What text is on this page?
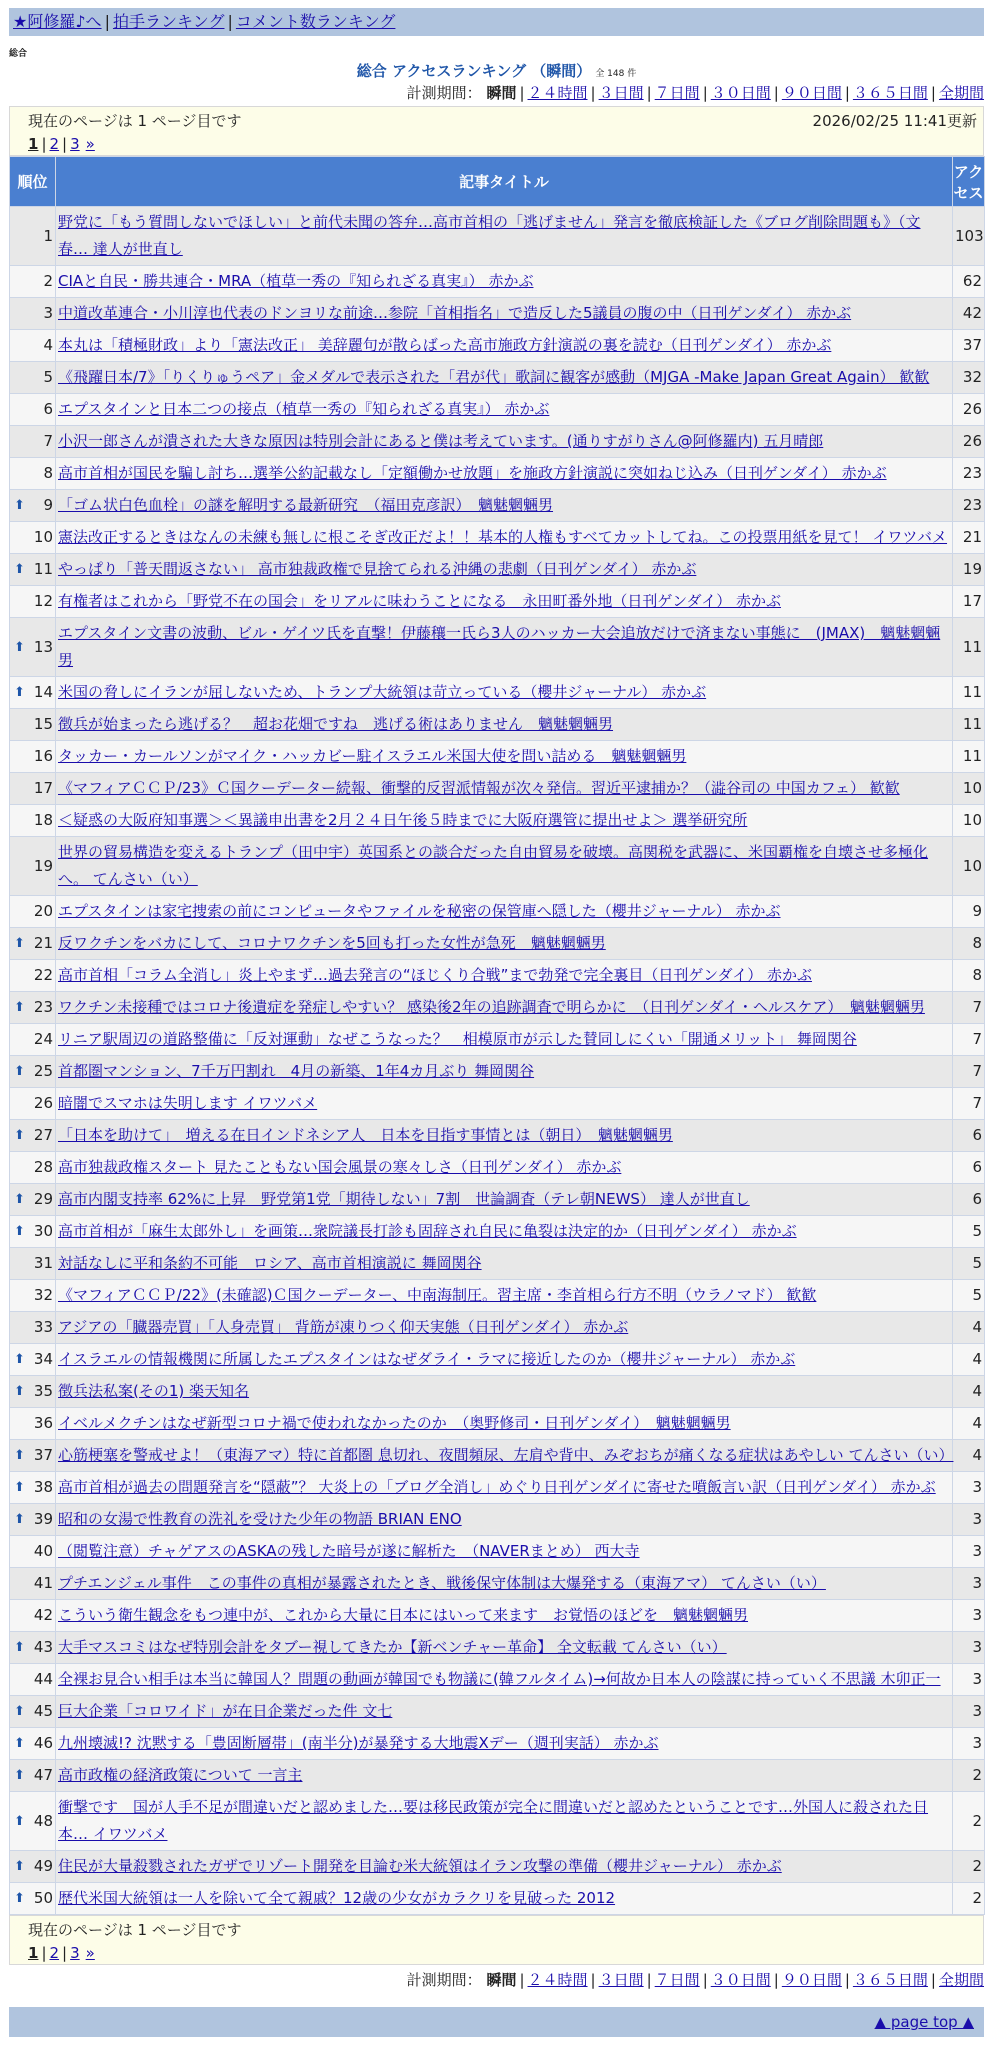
★阿修羅♪へ | 拍手ランキング | コメント数ランキング
総合
総合 アクセスランキング （瞬間） 全 148 件
計測期間： 瞬間 | ２４時間 | ３日間 | ７日間 | ３０日間 | ９０日間 | ３６５日間 | 全期間
現在のページは 1 ページ目です	2026/02/25 11:41更新
1 | 2 | 3 »
順位	記事タイトル	アクセス
1	野党に「もう質問しないでほしい」と前代未聞の答弁…高市首相の「逃げません」発言を徹底検証した《ブログ削除問題も》（文春… 達人が世直し	103
2	CIAと自民・勝共連合・MRA（植草一秀の『知られざる真実』） 赤かぶ	62
3	中道改革連合・小川淳也代表のドンヨリな前途…参院「首相指名」で造反した5議員の腹の中（日刊ゲンダイ） 赤かぶ	42
4	本丸は「積極財政」より「憲法改正」 美辞麗句が散らばった高市施政方針演説の裏を読む（日刊ゲンダイ） 赤かぶ	37
5	《飛躍日本/7》「りくりゅうペア」金メダルで表示された「君が代」歌詞に観客が感動（MJGA -Make Japan Great Again） 歓歓	32
6	エプスタインと日本二つの接点（植草一秀の『知られざる真実』） 赤かぶ	26
7	小沢一郎さんが潰された大きな原因は特別会計にあると僕は考えています。(通りすがりさん@阿修羅内) 五月晴郎	26
8	高市首相が国民を騙し討ち…選挙公約記載なし「定額働かせ放題」を施政方針演説に突如ねじ込み（日刊ゲンダイ） 赤かぶ	23

⬆ 9	「ゴム状白色血栓」の謎を解明する最新研究　（福田克彦訳）　魑魅魍魎男	23
10	憲法改正するときはなんの未練も無しに根こそぎ改正だよ！！基本的人権もすべてカットしてね。この投票用紙を見て！ イワツバメ	21

⬆ 11	やっぱり「普天間返さない」 高市独裁政権で見捨てられる沖縄の悲劇（日刊ゲンダイ） 赤かぶ	19
12	有権者はこれから「野党不在の国会」をリアルに味わうことになる　永田町番外地（日刊ゲンダイ） 赤かぶ	17

⬆ 13	エプスタイン文書の波動、ビル・ゲイツ氏を直撃！伊藤穰一氏ら3人のハッカー大会追放だけで済まない事態に　(JMAX)　魑魅魍魎男	11

⬆ 14	米国の脅しにイランが屈しないため、トランプ大統領は苛立っている（櫻井ジャーナル） 赤かぶ	11
15	徴兵が始まったら逃げる？　超お花畑ですね　逃げる術はありません　魑魅魍魎男	11
16	タッカー・カールソンがマイク・ハッカビー駐イスラエル米国大使を問い詰める　魑魅魍魎男	11
17	《マフィアＣＣＰ/23》Ｃ国クーデーター続報、衝撃的反習派情報が次々発信。習近平逮捕か？（澁谷司の 中国カフェ） 歓歓	10
18	＜疑惑の大阪府知事選＞＜異議申出書を2月２４日午後５時までに大阪府選管に提出せよ＞ 選挙研究所	10
19	世界の貿易構造を変えるトランプ（田中宇）英国系との談合だった自由貿易を破壊。高関税を武器に、米国覇権を自壊させ多極化へ。 てんさい（い）	10
20	エプスタインは家宅捜索の前にコンピュータやファイルを秘密の保管庫へ隠した（櫻井ジャーナル） 赤かぶ	9

⬆ 21	反ワクチンをバカにして、コロナワクチンを5回も打った女性が急死　魑魅魍魎男	8
22	高市首相「コラム全消し」炎上やまず…過去発言の“ほじくり合戦”まで勃発で完全裏目（日刊ゲンダイ） 赤かぶ	8

⬆ 23	ワクチン未接種ではコロナ後遺症を発症しやすい？ 感染後2年の追跡調査で明らかに　（日刊ゲンダイ・ヘルスケア）　魑魅魍魎男	7
24	リニア駅周辺の道路整備に「反対運動」なぜこうなった？　相模原市が示した賛同しにくい「開通メリット」 舞岡関谷	7

⬆ 25	首都圏マンション、7千万円割れ　4月の新築、1年4カ月ぶり 舞岡関谷	7
26	暗闇でスマホは失明します イワツバメ	7

⬆ 27	「日本を助けて」　増える在日インドネシア人　日本を目指す事情とは（朝日）　魑魅魍魎男	6
28	高市独裁政権スタート 見たこともない国会風景の寒々しさ（日刊ゲンダイ） 赤かぶ	6

⬆ 29	高市内閣支持率 62%に上昇　野党第1党「期待しない」7割　世論調査（テレ朝NEWS） 達人が世直し	6

⬆ 30	高市首相が「麻生太郎外し」を画策…衆院議長打診も固辞され自民に亀裂は決定的か（日刊ゲンダイ） 赤かぶ	5
31	対話なしに平和条約不可能　ロシア、高市首相演説に 舞岡関谷	5
32	《マフィアＣＣＰ/22》(未確認)Ｃ国クーデーター、中南海制圧。習主席・李首相ら行方不明（ウラノマド） 歓歓	5
33	アジアの「臓器売買」「人身売買」 背筋が凍りつく仰天実態（日刊ゲンダイ） 赤かぶ	4

⬆ 34	イスラエルの情報機関に所属したエプスタインはなぜダライ・ラマに接近したのか（櫻井ジャーナル） 赤かぶ	4

⬆ 35	徴兵法私案(その1) 楽天知名	4
36	イベルメクチンはなぜ新型コロナ禍で使われなかったのか　（奥野修司・日刊ゲンダイ）　魑魅魍魎男	4

⬆ 37	心筋梗塞を警戒せよ！（東海アマ）特に首都圏 息切れ、夜間頻尿、左肩や背中、みぞおちが痛くなる症状はあやしい てんさい（い）	4

⬆ 38	高市首相が過去の問題発言を“隠蔽”？ 大炎上の「ブログ全消し」めぐり日刊ゲンダイに寄せた噴飯言い訳（日刊ゲンダイ） 赤かぶ	3

⬆ 39	昭和の女湯で性教育の洗礼を受けた少年の物語 BRIAN ENO	3
40	（閲覧注意）チャゲアスのASKAの残した暗号が遂に解析た　（NAVERまとめ） 西大寺	3
41	プチエンジェル事件　この事件の真相が暴露されたとき、戦後保守体制は大爆発する（東海アマ） てんさい（い）	3
42	こういう衛生観念をもつ連中が、これから大量に日本にはいって来ます　お覚悟のほどを　魑魅魍魎男	3

⬆ 43	大手マスコミはなぜ特別会計をタブー視してきたか【新ベンチャー革命】 全文転載 てんさい（い）	3
44	全裸お見合い相手は本当に韓国人？問題の動画が韓国でも物議に(韓フルタイム)→何故か日本人の陰謀に持っていく不思議 木卯正一	3

⬆ 45	巨大企業「コロワイド」が在日企業だった件 文七	3

⬆ 46	九州壊滅!? 沈黙する「豊固断層帯」(南半分)が暴発する大地震Xデー（週刊実話） 赤かぶ	3

⬆ 47	高市政権の経済政策について 一言主	2

⬆ 48	衝撃です　国が人手不足が間違いだと認めました…要は移民政策が完全に間違いだと認めたということです…外国人に殺された日本… イワツバメ	2

⬆ 49	住民が大量殺戮されたガザでリゾート開発を目論む米大統領はイラン攻撃の準備（櫻井ジャーナル） 赤かぶ	2

⬆ 50	歴代米国大統領は一人を除いて全て親戚？12歳の少女がカラクリを見破った 2012	2
現在のページは 1 ページ目です
1 | 2 | 3 »
計測期間： 瞬間 | ２４時間 | ３日間 | ７日間 | ３０日間 | ９０日間 | ３６５日間 | 全期間
▲ page top ▲
